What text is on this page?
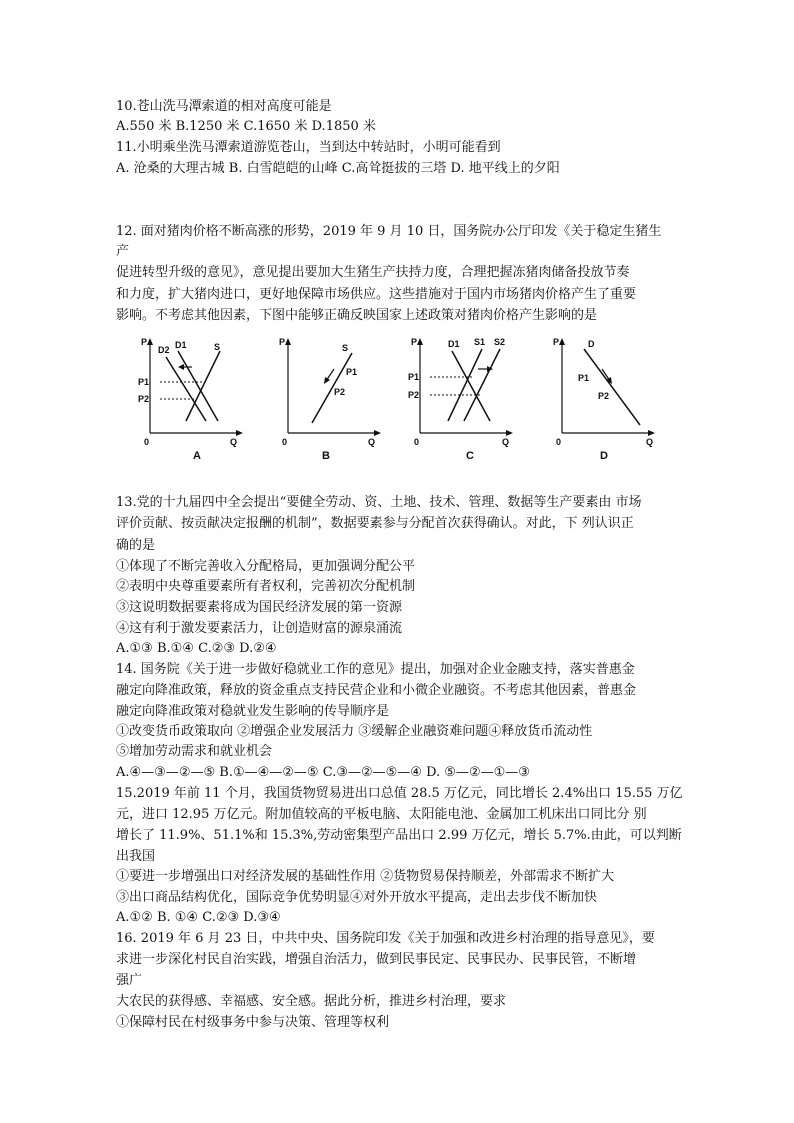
10.苍山洗马潭索道的相对高度可能是
A.550 米 B.1250 米 C.1650 米 D.1850 米
11.小明乘坐洗马潭索道游览苍山，当到达中转站时，小明可能看到
A. 沧桑的大理古城 B. 白雪皑皑的山峰 C.高耸挺拔的三塔 D. 地平线上的夕阳
12. 面对猪肉价格不断高涨的形势，2019 年 9 月 10 日，国务院办公厅印发《关于稳定生猪生
产
促进转型升级的意见》，意见提出要加大生猪生产扶持力度，合理把握冻猪肉储备投放节奏
和力度，扩大猪肉进口，更好地保障市场供应。这些措施对于国内市场猪肉价格产生了重要
影响。不考虑其他因素，下图中能够正确反映国家上述政策对猪肉价格产生影响的是
P
Q
0
D2 D1	S
P1
P2
A
P
Q
0
S
P1
P2
B
P
Q
0
D1 S1 S2
P1
P2
C
P
Q
0
D
P1
P2
D
13.党的十九届四中全会提出“要健全劳动、资、土地、技术、管理、数据等生产要素由 市场
评价贡献、按贡献决定报酬的机制”，数据要素参与分配首次获得确认。对此，下 列认识正
确的是
①体现了不断完善收入分配格局，更加强调分配公平
②表明中央尊重要素所有者权利，完善初次分配机制
③这说明数据要素将成为国民经济发展的第一资源
④这有利于激发要素活力，让创造财富的源泉涌流
A.①③ B.①④ C.②③ D.②④
14. 国务院《关于进一步做好稳就业工作的意见》提出，加强对企业金融支持，落实普惠金
融定向降准政策，释放的资金重点支持民营企业和小微企业融资。不考虑其他因素，普惠金
融定向降准政策对稳就业发生影响的传导顺序是
①改变货币政策取向 ②增强企业发展活力 ③缓解企业融资难问题④释放货币流动性
⑤增加劳动需求和就业机会
A.④—③—②—⑤ B.①—④—②—⑤ C.③—②—⑤—④ D. ⑤—②—①—③
15.2019 年前 11 个月，我国货物贸易进出口总值 28.5 万亿元，同比增长 2.4%出口 15.55 万亿
元，进口 12.95 万亿元。附加值较高的平板电脑、太阳能电池、金属加工机床出口同比分 别
增长了 11.9%、51.1%和 15.3%,劳动密集型产品出口 2.99 万亿元，增长 5.7%.由此，可以判断
出我国
①要进一步增强出口对经济发展的基础性作用 ②货物贸易保持顺差，外部需求不断扩大
③出口商品结构优化，国际竞争优势明显④对外开放水平提高，走出去步伐不断加快
A.①② B. ①④ C.②③ D.③④
16. 2019 年 6 月 23 日，中共中央、国务院印发《关于加强和改进乡村治理的指导意见》，要
求进一步深化村民自治实践，增强自治活力，做到民事民定、民事民办、民事民管，不断增
强广
大农民的获得感、幸福感、安全感。据此分析，推进乡村治理，要求
①保障村民在村级事务中参与决策、管理等权利
